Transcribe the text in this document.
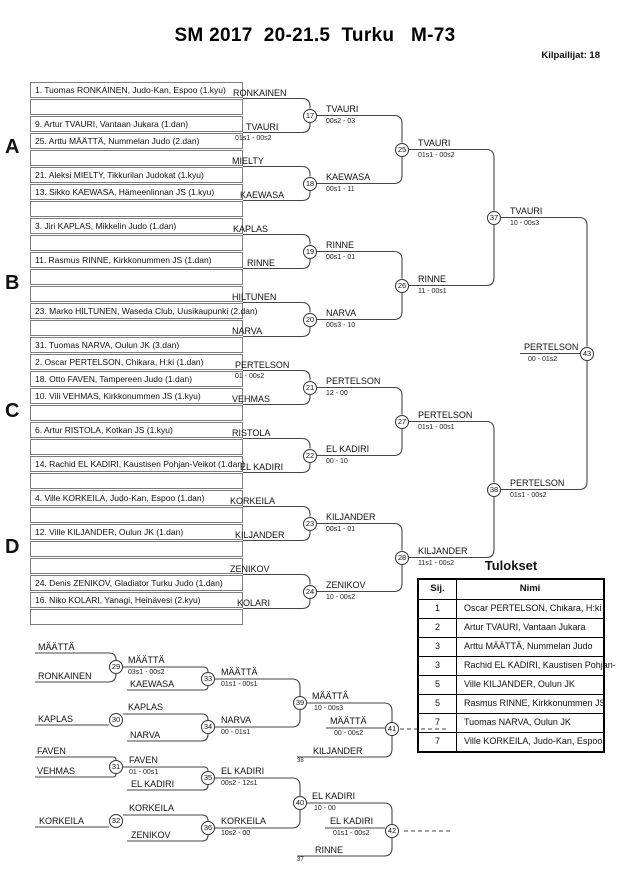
SM 2017  20-21.5  Turku   M-73
Kilpailijat: 18
Tulokset
Sij.	Nimi
1	Oscar PERTELSON, Chikara, H:ki
2	Artur TVAURI, Vantaan Jukara
3	Arttu MÄÄTTÄ, Nummelan Judo
3	Rachid EL KADIRI, Kaustisen Pohjan-
5	Ville KILJANDER, Oulun JK
5	Rasmus RINNE, Kirkkonummen JS
7	Tuomas NARVA, Oulun JK
7	Ville KORKEILA, Judo-Kan, Espoo
1. Tuomas RONKAINEN, Judo-Kan, Espoo (1.kyu)
9. Artur TVAURI, Vantaan Jukara (1.dan)
25. Arttu MÄÄTTÄ, Nummelan Judo (2.dan)
21. Aleksi MIELTY, Tikkurilan Judokat (1.kyu)
13. Sikko KAEWASA, Hämeenlinnan JS (1.kyu)
3. Jiri KAPLAS, Mikkelin Judo (1.dan)
11. Rasmus RINNE, Kirkkonummen JS (1.dan)
23. Marko HILTUNEN, Waseda Club, Uusikaupunki (2.dan)
31. Tuomas NARVA, Oulun JK (3.dan)
2. Oscar PERTELSON, Chikara, H:ki (1.dan)
18. Otto FAVEN, Tampereen Judo (1.dan)
10. Vili VEHMAS, Kirkkonummen JS (1.kyu)
6. Artur RISTOLA, Kotkan JS (1.kyu)
14. Rachid EL KADIRI, Kaustisen Pohjan-Veikot (1.dan)
4. Ville KORKEILA, Judo-Kan, Espoo (1.dan)
12. Ville KILJANDER, Oulun JK (1.dan)
24. Denis ZENIKOV, Gladiator Turku Judo (1.dan)
16. Niko KOLARI, Yanagi, Heinävesi (2.kyu)
A
B
C
D
RONKAINEN
TVAURI
01s1 - 00s2
MIELTY
KAEWASA
KAPLAS
RINNE
HILTUNEN
NARVA
PERTELSON
01 - 00s2
VEHMAS
RISTOLA
EL KADIRI
KORKEILA
KILJANDER
ZENIKOV
KOLARI
TVAURI
00s2 - 03
KAEWASA
00s1 - 11
RINNE
00s1 - 01
NARVA
00s3 - 10
PERTELSON
12 - 00
EL KADIRI
00 - 10
KILJANDER
00s1 - 01
ZENIKOV
10 - 00s2
TVAURI
01s1 - 00s2
RINNE
11 - 00s1
PERTELSON
01s1 - 00s1
KILJANDER
11s1 - 00s2
TVAURI
10 - 00s3
PERTELSON
01s1 - 00s2
PERTELSON
00 - 01s2
MÄÄTTÄ
RONKAINEN
KAPLAS
FAVEN
VEHMAS
KORKEILA
MÄÄTTÄ
03s1 - 00s2
KAEWASA
KAPLAS
NARVA
FAVEN
01 - 00s1
EL KADIRI
KORKEILA
ZENIKOV
MÄÄTTÄ
01s1 - 00s1
NARVA
00 - 01s1
EL KADIRI
00s2 - 12s1
KORKEILA
10s2 - 00
MÄÄTTÄ
10 - 00s3
EL KADIRI
10 - 00
MÄÄTTÄ
00 - 00s2
KILJANDER
38
EL KADIRI
01s1 - 00s2
RINNE
37
17
18
19
20
21
22
23
24
25
26
27
28
37
38
43
29
30
31
32
33
34
35
36
39
40
41
42
